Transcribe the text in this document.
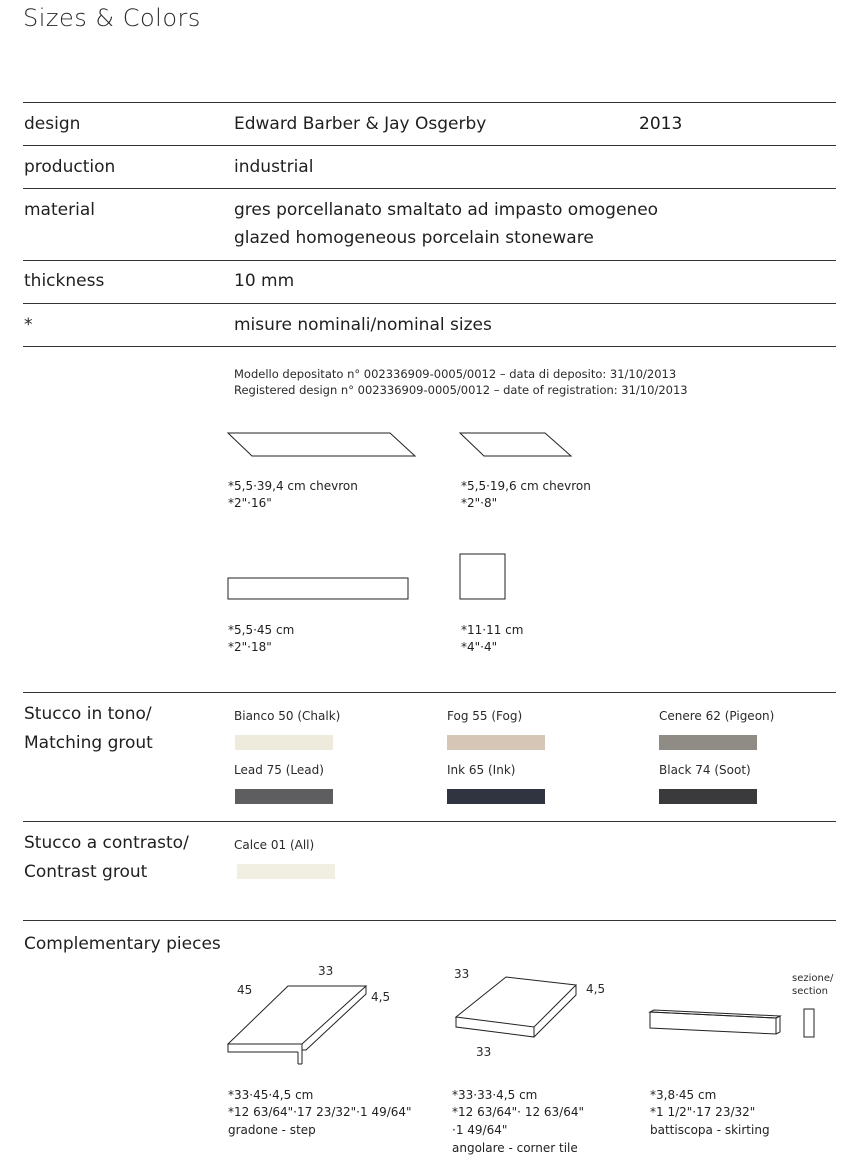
Sizes & Colors
design	Edward Barber & Jay Osgerby	2013
production	industrial
material	gres porcellanato smaltato ad impasto omogeneo
glazed homogeneous porcelain stoneware
thickness	10 mm
*	misure nominali/nominal sizes
Modello depositato n° 002336909-0005/0012 – data di deposito: 31/10/2013
Registered design n° 002336909-0005/0012 – date of registration: 31/10/2013
*5,5·39,4 cm chevron
*2"·16"
*5,5·19,6 cm chevron
*2"·8"
*5,5·45 cm
*2"·18"
*11·11 cm
*4"·4"
Stucco in tono/
Matching grout
Bianco 50 (Chalk)	Fog 55 (Fog)	Cenere 62 (Pigeon)
Lead 75 (Lead)	Ink 65 (Ink)	Black 74 (Soot)
Stucco a contrasto/
Contrast grout
Calce 01 (All)
Complementary pieces
33
45	4,5
*33·45·4,5 cm
*12 63/64"·17 23/32"·1 49/64"
gradone - step
33
4,5
33
*33·33·4,5 cm
*12 63/64"· 12 63/64"
·1 49/64"
angolare - corner tile
sezione/
section
*3,8·45 cm
*1 1/2"·17 23/32"
battiscopa - skirting
